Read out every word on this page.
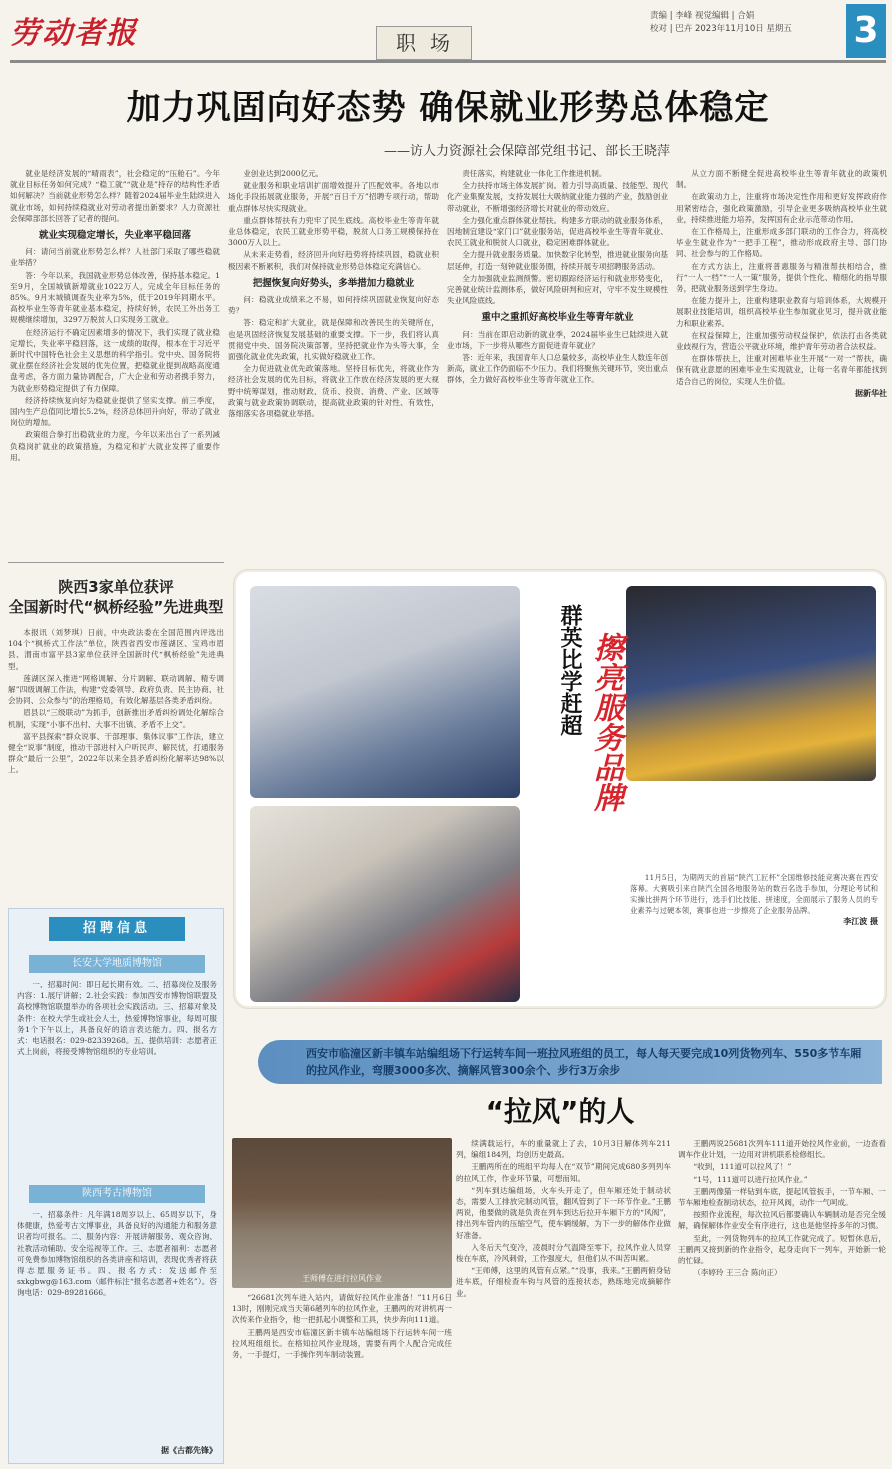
劳动者报	职场
责编 | 李峰 视觉编辑 | 合娟
校对 | 巴卉 2023年11月10日 星期五	3
加力巩固向好态势 确保就业形势总体稳定
——访人力资源社会保障部党组书记、部长王晓萍

就业是经济发展的“晴雨表”，社会稳定的“压舱石”。今年就业目标任务如何完成？“稳工就”“就业是”持存的结构性矛盾如何解决？当前就业形势怎么样？随着2024届毕业生陆续进入就业市场，如何持续稳就业对劳动者提出新要求？人力资源社会保障部部长回答了记者的提问。

就业实现稳定增长，失业率平稳回落

问：请问当前就业形势怎么样？人社部门采取了哪些稳就业举措？

答：今年以来，我国就业形势总体改善，保持基本稳定。1至9月，全国城镇新增就业1022万人，完成全年目标任务的85%。9月末城镇调查失业率为5%，低于2019年同期水平。高校毕业生等青年就业基本稳定，持续好转，农民工外出务工规模继续增加，3297万脱贫人口实现务工就业。

在经济运行不确定因素增多的情况下，我们实现了就业稳定增长，失业率平稳回落，这一成绩的取得，根本在于习近平新时代中国特色社会主义思想的科学指引。党中央、国务院将就业摆在经济社会发展的优先位置，把稳就业提到战略高度通盘考虑，各方面力量协调配合，广大企业和劳动者携手努力，为就业形势稳定提供了有力保障。

经济持续恢复向好为稳就业提供了坚实支撑。前三季度，国内生产总值同比增长5.2%，经济总体回升向好，带动了就业岗位的增加。

政策组合拳打出稳就业的力度，今年以来出台了一系列减负稳岗扩就业的政策措施，为稳定和扩大就业发挥了重要作用。

业创业达到2000亿元。

就业服务和职业培训扩面增效提升了匹配效率。各地以市场化手段拓展就业服务，开展“百日千万”招聘专项行动，帮助重点群体尽快实现就业。

重点群体帮扶有力兜牢了民生底线。高校毕业生等青年就业总体稳定，农民工就业形势平稳，脱贫人口务工规模保持在3000万人以上。

从未来走势看，经济回升向好趋势将持续巩固，稳就业积极因素不断累积，我们对保持就业形势总体稳定充满信心。

把握恢复向好势头，多举措加力稳就业

问：稳就业成绩来之不易，如何持续巩固就业恢复向好态势？

答：稳定和扩大就业，就是保障和改善民生的关键所在，也是巩固经济恢复发展基础的重要支撑。下一步，我们将认真贯彻党中央、国务院决策部署，坚持把就业作为头等大事，全面强化就业优先政策，扎实做好稳就业工作。

全力促进就业优先政策落地。坚持目标优先，将就业作为经济社会发展的优先目标，将就业工作放在经济发展的更大视野中统筹谋划，推动财政、货币、投资、消费、产业、区域等政策与就业政策协调联动，提高就业政策的针对性、有效性，落细落实各项稳就业举措。

责任落实，构建就业一体化工作推进机制。

全力扶持市场主体发展扩岗。着力引导高质量、技能型、现代化产业集聚发展，支持发展壮大吸纳就业能力强的产业，鼓励创业带动就业，不断增强经济增长对就业的带动效应。

全力强化重点群体就业帮扶。构建多方联动的就业服务体系，因地制宜建设“家门口”就业服务站，促进高校毕业生等青年就业、农民工就业和脱贫人口就业，稳定困难群体就业。

全力提升就业服务质量。加快数字化转型，推进就业服务向基层延伸，打造一刻钟就业服务圈，持续开展专项招聘服务活动。

全力加强就业监测预警。密切跟踪经济运行和就业形势变化，完善就业统计监测体系，做好风险研判和应对，守牢不发生规模性失业风险底线。

重中之重抓好高校毕业生等青年就业

问：当前在即启动新的就业季，2024届毕业生已陆续进入就业市场，下一步将从哪些方面促进青年就业？

答：近年来，我国青年人口总量较多，高校毕业生人数连年创新高，就业工作仍面临不少压力。我们将聚焦关键环节，突出重点群体，全力做好高校毕业生等青年就业工作。

从立方面不断健全促进高校毕业生等青年就业的政策机制。

在政策动力上，注重将市场决定性作用和更好发挥政府作用紧密结合，强化政策激励，引导企业更多吸纳高校毕业生就业，持续推进能力培养，发挥国有企业示范带动作用。

在工作格局上，注重形成多部门联动的工作合力，将高校毕业生就业作为“一把手工程”，推动形成政府主导、部门协同、社会参与的工作格局。

在方式方法上，注重将普惠服务与精准帮扶相结合，推行“一人一档”“一人一策”服务，提供个性化、精细化的指导服务，把就业服务送到学生身边。

在能力提升上，注重构建职业教育与培训体系，大规模开展职业技能培训，组织高校毕业生参加就业见习，提升就业能力和职业素养。

在权益保障上，注重加强劳动权益保护，依法打击各类就业歧视行为，营造公平就业环境，维护青年劳动者合法权益。

在群体帮扶上，注重对困难毕业生开展“一对一”帮扶，确保有就业意愿的困难毕业生实现就业，让每一名青年都能找到适合自己的岗位，实现人生价值。

据新华社
陕西3家单位获评
全国新时代“枫桥经验”先进典型

本报讯（刘梦琪）日前，中央政法委在全国范围内评选出104个“枫桥式工作法”单位，陕西省西安市莲湖区、宝鸡市眉县、渭南市富平县3家单位获评全国新时代“枫桥经验”先进典型。

莲湖区深入推进“网格调解、分片调解、联动调解、精专调解”四级调解工作法，构建“党委领导、政府负责、民主协商、社会协同、公众参与”的治理格局，有效化解基层各类矛盾纠纷。

眉县以“三级联动”为抓手，创新推出矛盾纠纷调处化解综合机制，实现“小事不出村、大事不出镇、矛盾不上交”。

富平县探索“群众说事、干部理事、集体议事”工作法，建立健全“说事”制度，推动干部进村入户听民声、解民忧，打通服务群众“最后一公里”，2022年以来全县矛盾纠纷化解率达98%以上。

群英比学赶超 擦亮服务品牌

11月5日，为期两天的首届“陕汽工匠杯”全国维修技能竞赛决赛在西安落幕。大赛吸引来自陕汽全国各地服务站的数百名选手参加，分理论考试和实操比拼两个环节进行，选手们比技能、拼速度，全面展示了服务人员的专业素养与过硬本领，赛事也进一步擦亮了企业服务品牌。

李江波 摄
招聘信息
长安大学地质博物馆

一、招募时间：即日起长期有效。二、招募岗位及服务内容：1.展厅讲解；2.社会实践：参加西安市博物馆联盟及高校博物馆联盟举办的各项社会实践活动。三、招募对象及条件：在校大学生或社会人士，热爱博物馆事业，每周可服务1个下午以上，具备良好的语言表达能力。四、报名方式：电话报名：029-82339268。五、提供培训：志愿者正式上岗前，将接受博物馆组织的专业培训。

陕西考古博物馆

一、招募条件：凡年满18周岁以上、65周岁以下，身体健康，热爱考古文博事业，具备良好的沟通能力和服务意识者均可报名。二、服务内容：开展讲解服务、观众咨询、社教活动辅助、安全巡视等工作。三、志愿者福利：志愿者可免费参加博物馆组织的各类讲座和培训，表现优秀者将获得志愿服务证书。四、报名方式：发送邮件至 sxkgbwg@163.com（邮件标注“报名志愿者+姓名”）。咨询电话：029-89281666。

据《古都先锋》
西安市临潼区新丰镇车站编组场下行运转车间一班拉风班组的员工，每人每天要完成10列货物列车、550多节车厢的拉风作业，弯腰3000多次、摘解风管300余个、步行3万余步
“拉风”的人
王师傅在进行拉风作业

“26681次列车进入站内，请做好拉风作业准备！”11月6日13时，刚刚完成当天第6趟列车的拉风作业，王鹏两的对讲机再一次传来作业指令，他一把抓起小调整和工具，快步奔向111道。

王鹏两是西安市临潼区新丰镇车站编组场下行运转车间一班拉风班组组长。在格知拉风作业现场，需要有两个人配合完成任务，一手提灯，一手操作列车制动装置。

续满载运行，车的重量就上了去，10月3日解体列车211列，编组184列，均创历史最高。

王鹏两所在的班组平均每人在“双节”期间完成680多列列车的拉风工作，作业环节量，可想而知。

“列车到达编组场，火车头开走了，但车厢还处于制动状态，需要人工排放完制动风管，翻风管到了下一环节作业。”王鹏两说，他要做的就是负责在列车到达后拉开车厢下方的“风阀”，排出列车管内的压缩空气，使车辆缓解，为下一步的解体作业做好准备。

入冬后天气变冷，凌晨时分气温降至零下，拉风作业人员穿梭在车底，冷风刺骨，工作强度大，但他们从不叫苦叫累。

“王师傅，这里的风管有点紧。”“没事，我来。”王鹏两俯身钻进车底，仔细检查车钩与风管的连接状态，熟练地完成摘解作业。

王鹏两说25681次列车111道开始拉风作业前，一边查看调车作业计划，一边用对讲机联系检修组长。

“收到，111道可以拉风了！”

“1号，111道可以进行拉风作业。”

王鹏两像猫一样钻到车底，提起风管扳手，一节车厢、一节车厢地检查制动状态，拉开风阀，动作一气呵成。

按照作业流程，每次拉风后都要确认车辆制动是否完全缓解，确保解体作业安全有序进行，这也是他坚持多年的习惯。

至此，一列货物列车的拉风工作就完成了。短暂休息后，王鹏两又接到新的作业指令，起身走向下一列车，开始新一轮的忙碌。

（李婷玲 王三合 陈向正）
